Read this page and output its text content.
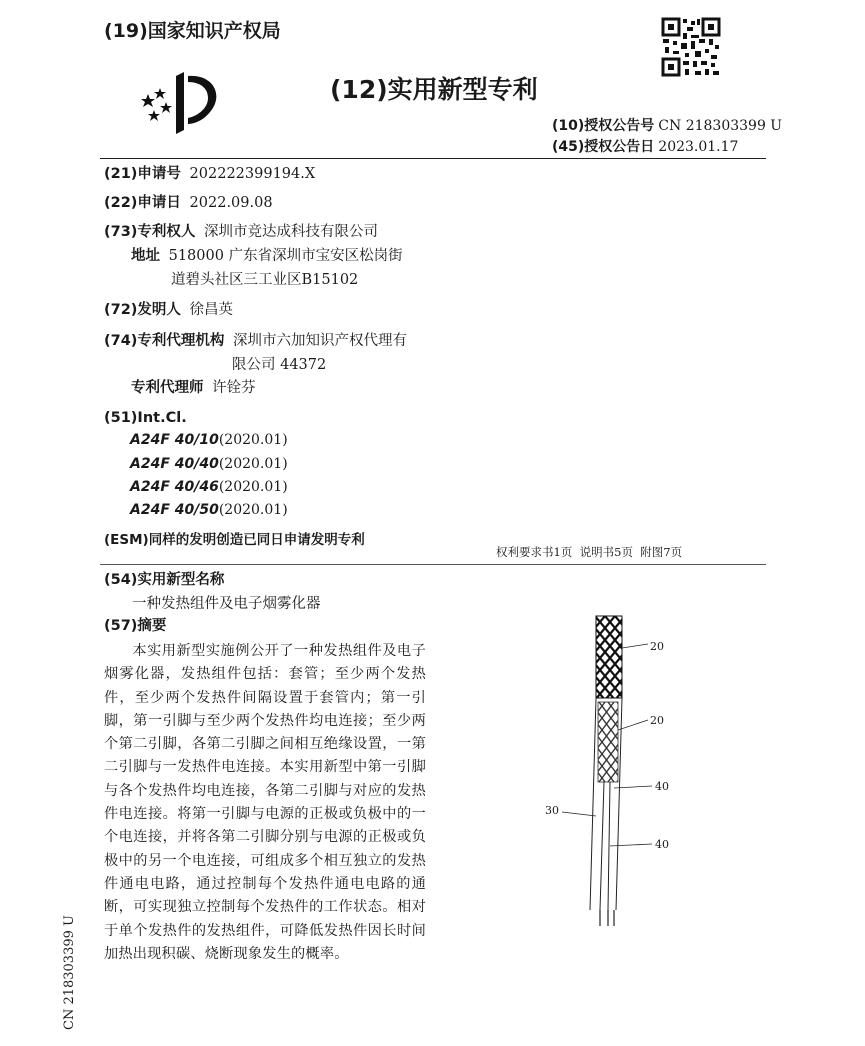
(19)国家知识产权局
(12)实用新型专利
(10)授权公告号 CN 218303399 U
(45)授权公告日 2023.01.17
(21)申请号 202222399194.X
(22)申请日 2022.09.08
(73)专利权人 深圳市竞达成科技有限公司
地址 518000 广东省深圳市宝安区松岗街
道碧头社区三工业区B15102
(72)发明人 徐昌英
(74)专利代理机构 深圳市六加知识产权代理有
限公司 44372
专利代理师 许铨芬
(51)Int.Cl.
A24F 40/10(2020.01)
A24F 40/40(2020.01)
A24F 40/46(2020.01)
A24F 40/50(2020.01)
(ESM)同样的发明创造已同日申请发明专利
权利要求书1页  说明书5页  附图7页
(54)实用新型名称
一种发热组件及电子烟雾化器
(57)摘要

本实用新型实施例公开了一种发热组件及电子烟雾化器，发热组件包括：套管；至少两个发热件，至少两个发热件间隔设置于套管内；第一引脚，第一引脚与至少两个发热件均电连接；至少两个第二引脚，各第二引脚之间相互绝缘设置，一第二引脚与一发热件电连接。本实用新型中第一引脚与各个发热件均电连接，各第二引脚与对应的发热件电连接。将第一引脚与电源的正极或负极中的一个电连接，并将各第二引脚分别与电源的正极或负极中的另一个电连接，可组成多个相互独立的发热件通电电路，通过控制每个发热件通电电路的通断，可实现独立控制每个发热件的工作状态。相对于单个发热件的发热组件，可降低发热件因长时间加热出现积碳、烧断现象发生的概率。

20
20
40
40
30
CN 218303399 U
